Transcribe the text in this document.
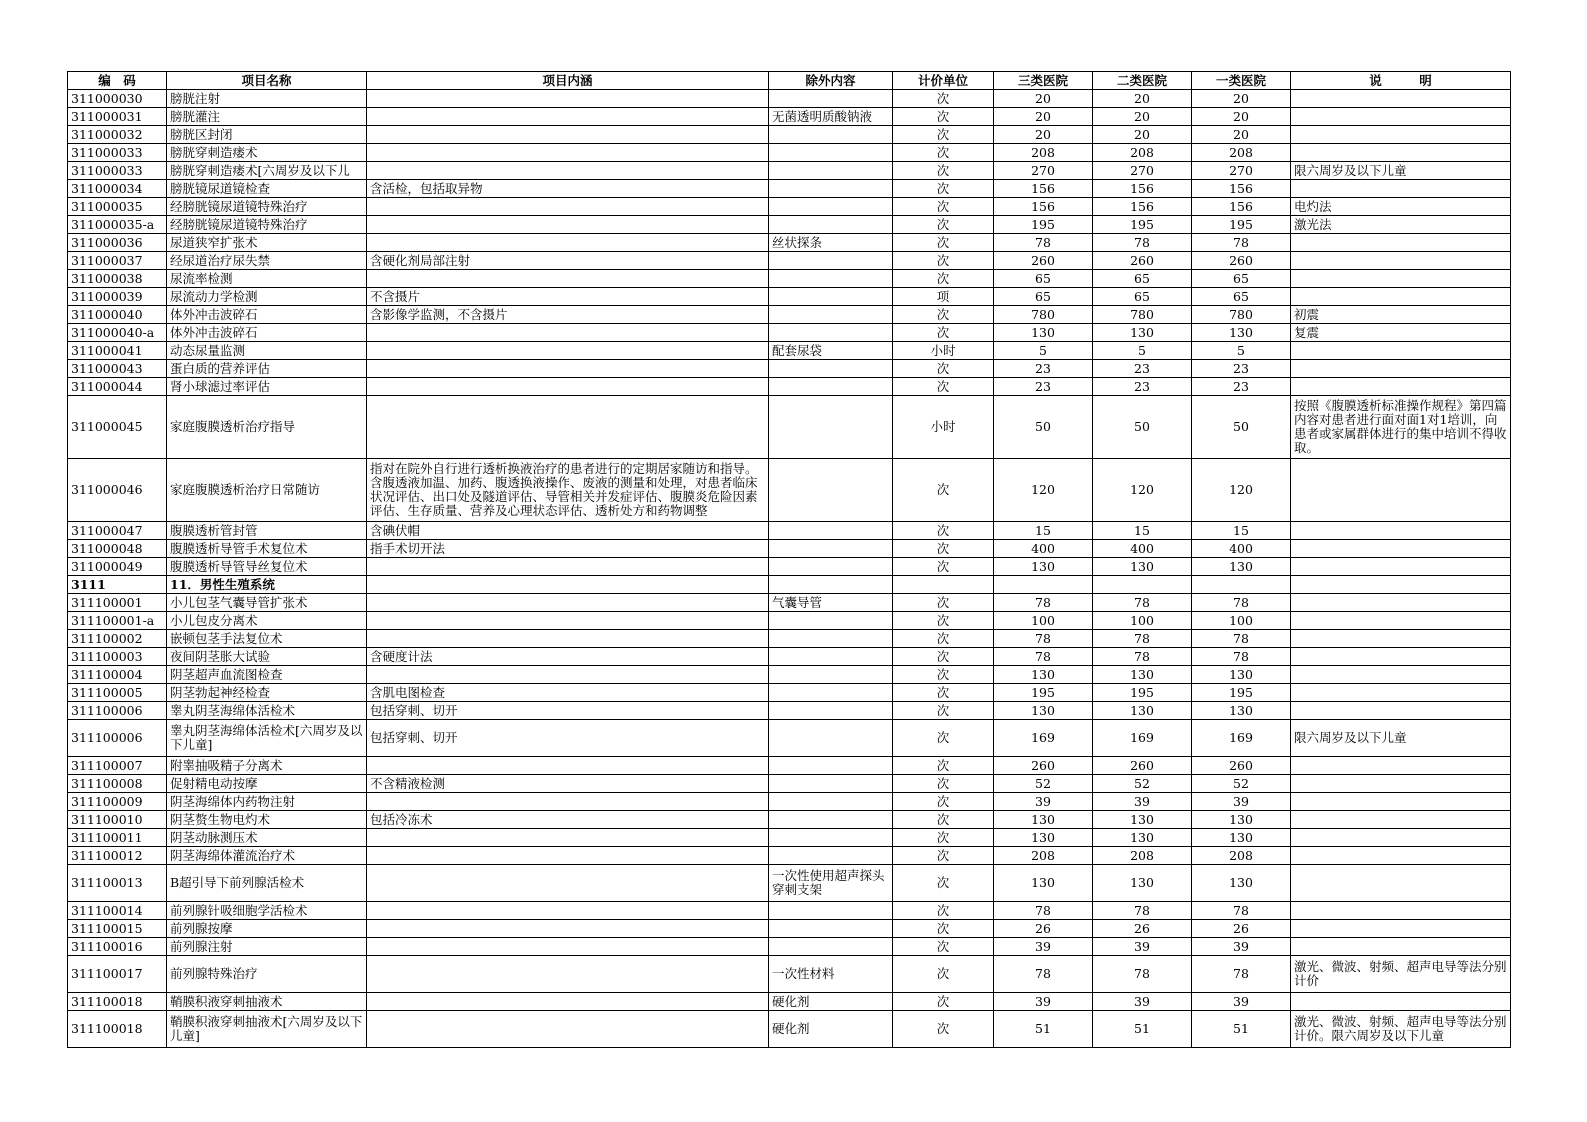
编　码	项目名称	项目内涵	除外内容	计价单位	三类医院	二类医院	一类医院	说　　　明
311000030	膀胱注射			次	20	20	20	
311000031	膀胱灌注		无菌透明质酸钠液	次	20	20	20	
311000032	膀胱区封闭			次	20	20	20	
311000033	膀胱穿刺造瘘术			次	208	208	208	
311000033	膀胱穿刺造瘘术[六周岁及以下儿			次	270	270	270	限六周岁及以下儿童
311000034	膀胱镜尿道镜检查	含活检，包括取异物		次	156	156	156	
311000035	经膀胱镜尿道镜特殊治疗			次	156	156	156	电灼法
311000035-a	经膀胱镜尿道镜特殊治疗			次	195	195	195	激光法
311000036	尿道狭窄扩张术		丝状探条	次	78	78	78	
311000037	经尿道治疗尿失禁	含硬化剂局部注射		次	260	260	260	
311000038	尿流率检测			次	65	65	65	
311000039	尿流动力学检测	不含摄片		项	65	65	65	
311000040	体外冲击波碎石	含影像学监测，不含摄片		次	780	780	780	初震
311000040-a	体外冲击波碎石			次	130	130	130	复震
311000041	动态尿量监测		配套尿袋	小时	5	5	5	
311000043	蛋白质的营养评估			次	23	23	23	
311000044	肾小球滤过率评估			次	23	23	23	

311000045	家庭腹膜透析治疗指导			小时	50	50	50	按照《腹膜透析标准操作规程》第四篇内容对患者进行面对面1对1培训，向患者或家属群体进行的集中培训不得收取。

311000046	家庭腹膜透析治疗日常随访	指对在院外自行进行透析换液治疗的患者进行的定期居家随访和指导。含腹透液加温、加药、腹透换液操作、废液的测量和处理，对患者临床状况评估、出口处及隧道评估、导管相关并发症评估、腹膜炎危险因素评估、生存质量、营养及心理状态评估、透析处方和药物调整		次	120	120	120	

311000047	腹膜透析管封管	含碘伏帽		次	15	15	15	
311000048	腹膜透析导管手术复位术	指手术切开法		次	400	400	400	
311000049	腹膜透析导管导丝复位术			次	130	130	130	
3111	11．男性生殖系统							
311100001	小儿包茎气囊导管扩张术		气囊导管	次	78	78	78	
311100001-a	小儿包皮分离术			次	100	100	100	
311100002	嵌顿包茎手法复位术			次	78	78	78	
311100003	夜间阴茎胀大试验	含硬度计法		次	78	78	78	
311100004	阴茎超声血流图检查			次	130	130	130	
311100005	阴茎勃起神经检查	含肌电图检查		次	195	195	195	
311100006	睾丸阴茎海绵体活检术	包括穿刺、切开		次	130	130	130	
311100006	睾丸阴茎海绵体活检术[六周岁及以下儿童]	包括穿刺、切开		次	169	169	169	限六周岁及以下儿童

311100007	附睾抽吸精子分离术			次	260	260	260	
311100008	促射精电动按摩	不含精液检测		次	52	52	52	
311100009	阴茎海绵体内药物注射			次	39	39	39	
311100010	阴茎赘生物电灼术	包括冷冻术		次	130	130	130	
311100011	阴茎动脉测压术			次	130	130	130	
311100012	阴茎海绵体灌流治疗术			次	208	208	208	
311100013	B超引导下前列腺活检术		一次性使用超声探头穿刺支架	次	130	130	130	

311100014	前列腺针吸细胞学活检术			次	78	78	78	
311100015	前列腺按摩			次	26	26	26	
311100016	前列腺注射			次	39	39	39	
311100017	前列腺特殊治疗		一次性材料	次	78	78	78	激光、微波、射频、超声电导等法分别计价

311100018	鞘膜积液穿刺抽液术		硬化剂	次	39	39	39	
311100018	鞘膜积液穿刺抽液术[六周岁及以下儿童]		硬化剂	次	51	51	51	激光、微波、射频、超声电导等法分别计价。限六周岁及以下儿童
